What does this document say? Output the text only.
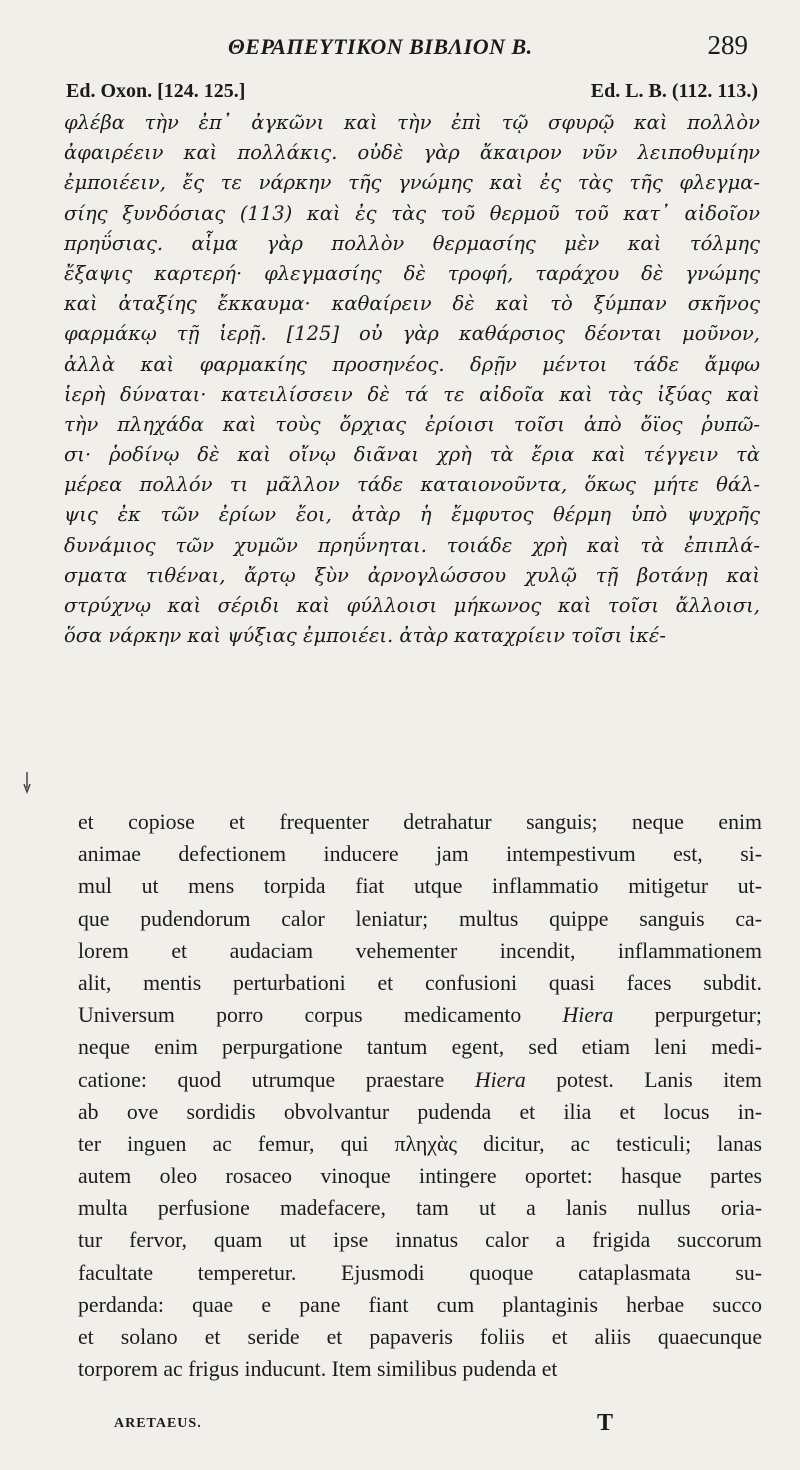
ΘΕΡΑΠΕΥΤΙΚΟΝ ΒΙΒΛΙΟΝ Β.	289
Ed. Oxon. [124. 125.]	Ed. L. B. (112. 113.)
φλέβα τὴν ἐπ᾽ ἀγκῶνι καὶ τὴν ἐπὶ τῷ σφυρῷ καὶ πολλὸν
ἀφαιρέειν καὶ πολλάκις. οὐδὲ γὰρ ἄκαιρον νῦν λειποθυμίην
ἐμποιέειν, ἔς τε νάρκην τῆς γνώμης καὶ ἐς τὰς τῆς φλεγμα-
σίης ξυνδόσιας (113) καὶ ἐς τὰς τοῦ θερμοῦ τοῦ κατ᾽ αἰδοῖον
πρηΰσιας. αἷμα γὰρ πολλὸν θερμασίης μὲν καὶ τόλμης
ἔξαψις καρτερή· φλεγμασίης δὲ τροφή, ταράχου δὲ γνώμης
καὶ ἀταξίης ἔκκαυμα· καθαίρειν δὲ καὶ τὸ ξύμπαν σκῆνος
φαρμάκῳ τῇ ἱερῇ. [125] οὐ γὰρ καθάρσιος δέονται μοῦνον,
ἀλλὰ καὶ φαρμακίης προσηνέος. δρῇν μέντοι τάδε ἄμφω
ἱερὴ δύναται· κατειλίσσειν δὲ τά τε αἰδοῖα καὶ τὰς ἰξύας καὶ
τὴν πληχάδα καὶ τοὺς ὄρχιας ἐρίοισι τοῖσι ἀπὸ ὄϊος ῥυπῶ-
σι· ῥοδίνῳ δὲ καὶ οἴνῳ διᾶναι χρὴ τὰ ἔρια καὶ τέγγειν τὰ
μέρεα πολλόν τι μᾶλλον τάδε καταιονοῦντα, ὅκως μήτε θάλ-
ψις ἐκ τῶν ἐρίων ἔοι, ἀτὰρ ἡ ἔμφυτος θέρμη ὑπὸ ψυχρῆς
δυνάμιος τῶν χυμῶν πρηΰνηται. τοιάδε χρὴ καὶ τὰ ἐπιπλά-
σματα τιθέναι, ἄρτῳ ξὺν ἀρνογλώσσου χυλῷ τῇ βοτάνῃ καὶ
στρύχνῳ καὶ σέριδι καὶ φύλλοισι μήκωνος καὶ τοῖσι ἄλλοισι,
ὅσα νάρκην καὶ ψύξιας ἐμποιέει. ἀτὰρ καταχρίειν τοῖσι ἰκέ-
et copiose et frequenter detrahatur sanguis; neque enim
animae defectionem inducere jam intempestivum est, si-
mul ut mens torpida fiat utque inflammatio mitigetur ut-
que pudendorum calor leniatur; multus quippe sanguis ca-
lorem et audaciam vehementer incendit, inflammationem
alit, mentis perturbationi et confusioni quasi faces subdit.
Universum porro corpus medicamento Hiera perpurgetur;
neque enim perpurgatione tantum egent, sed etiam leni medi-
catione: quod utrumque praestare Hiera potest. Lanis item
ab ove sordidis obvolvantur pudenda et ilia et locus in-
ter inguen ac femur, qui πληχὰς dicitur, ac testiculi; lanas
autem oleo rosaceo vinoque intingere oportet: hasque partes
multa perfusione madefacere, tam ut a lanis nullus oria-
tur fervor, quam ut ipse innatus calor a frigida succorum
facultate temperetur. Ejusmodi quoque cataplasmata su-
perdanda: quae e pane fiant cum plantaginis herbae succo
et solano et seride et papaveris foliis et aliis quaecunque
torporem ac frigus inducunt. Item similibus pudenda et
ARETAEUS.	T
